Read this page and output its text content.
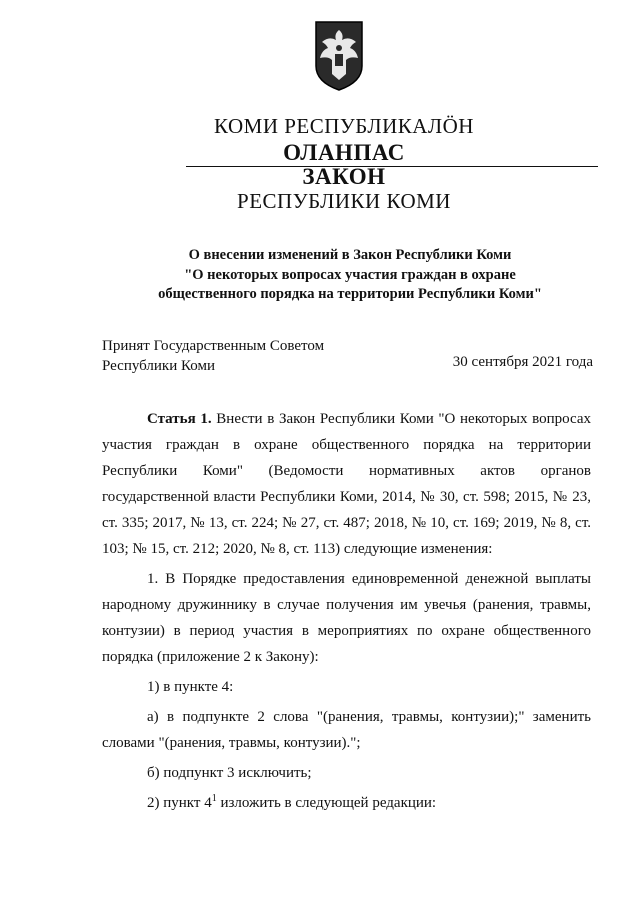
КОМИ РЕСПУБЛИКАЛӦН
ОЛАНПАС
ЗАКОН
РЕСПУБЛИКИ КОМИ
О внесении изменений в Закон Республики Коми
"О некоторых вопросах участия граждан в охране
общественного порядка на территории Республики Коми"
Принят Государственным Советом
Республики Коми	30 сентября 2021 года

Статья 1. Внести в Закон Республики Коми "О некоторых вопросах участия граждан в охране общественного порядка на территории Республики Коми" (Ведомости нормативных актов органов государственной власти Республики Коми, 2014, № 30, ст. 598; 2015, № 23, ст. 335; 2017, № 13, ст. 224; № 27, ст. 487; 2018, № 10, ст. 169; 2019, № 8, ст. 103; № 15, ст. 212; 2020, № 8, ст. 113) следующие изменения:

1. В Порядке предоставления единовременной денежной выплаты народному дружиннику в случае получения им увечья (ранения, травмы, контузии) в период участия в мероприятиях по охране общественного порядка (приложение 2 к Закону):

1) в пункте 4:

а) в подпункте 2 слова "(ранения, травмы, контузии);" заменить словами "(ранения, травмы, контузии).";

б) подпункт 3 исключить;

2) пункт $4^1$ изложить в следующей редакции:
